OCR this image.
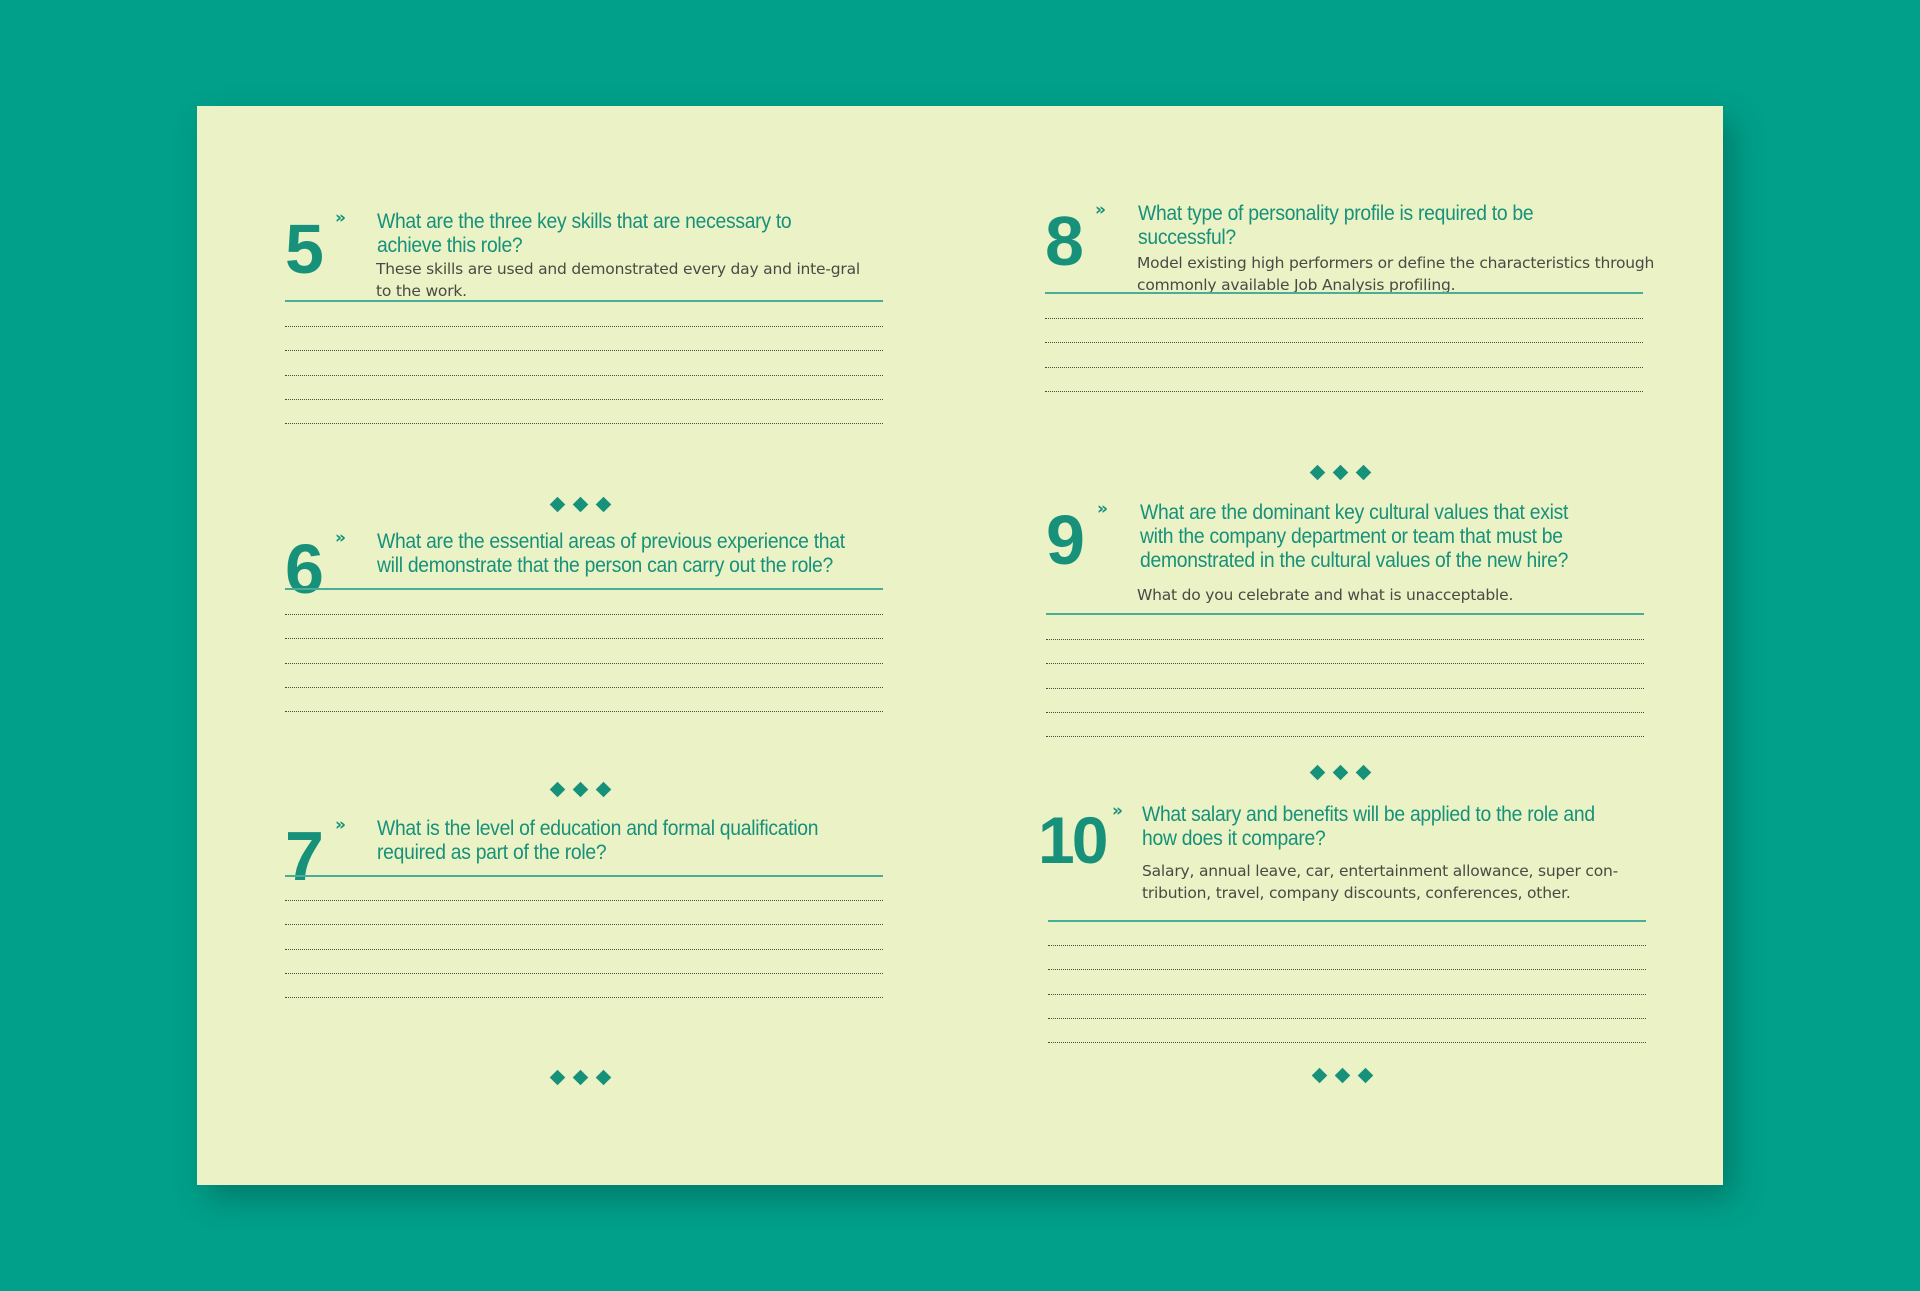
5 » What are the three key skills that are necessary to achieve this role?
These skills are used and demonstrated every day and inte-gral to the work.
6 » What are the essential areas of previous experience that will demonstrate that the person can carry out the role?
7 » What is the level of education and formal qualification required as part of the role?
8 » What type of personality profile is required to be successful?
Model existing high performers or define the characteristics through commonly available Job Analysis profiling.
9 » What are the dominant key cultural values that exist with the company department or team that must be demonstrated in the cultural values of the new hire?
What do you celebrate and what is unacceptable.
10 » What salary and benefits will be applied to the role and how does it compare?
Salary, annual leave, car, entertainment allowance, super con-tribution, travel, company discounts, conferences, other.
